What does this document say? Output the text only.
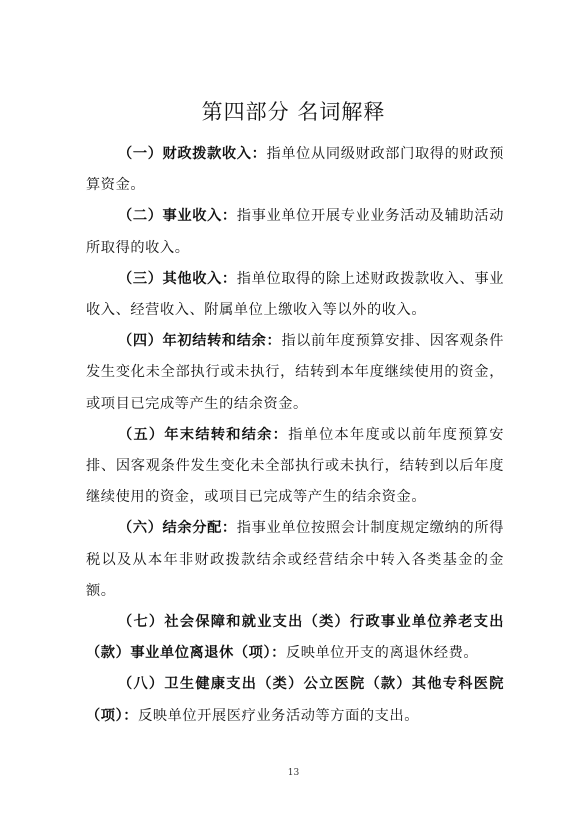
第四部分 名词解释

（一）财政拨款收入：指单位从同级财政部门取得的财政预算资金。

（二）事业收入：指事业单位开展专业业务活动及辅助活动所取得的收入。

（三）其他收入：指单位取得的除上述财政拨款收入、事业收入、经营收入、附属单位上缴收入等以外的收入。

（四）年初结转和结余：指以前年度预算安排、因客观条件发生变化未全部执行或未执行，结转到本年度继续使用的资金，或项目已完成等产生的结余资金。

（五）年末结转和结余：指单位本年度或以前年度预算安排、因客观条件发生变化未全部执行或未执行，结转到以后年度继续使用的资金，或项目已完成等产生的结余资金。

（六）结余分配：指事业单位按照会计制度规定缴纳的所得税以及从本年非财政拨款结余或经营结余中转入各类基金的金额。

（七）社会保障和就业支出（类）行政事业单位养老支出（款）事业单位离退休（项）：反映单位开支的离退休经费。

（八）卫生健康支出（类）公立医院（款）其他专科医院（项）：反映单位开展医疗业务活动等方面的支出。

13
